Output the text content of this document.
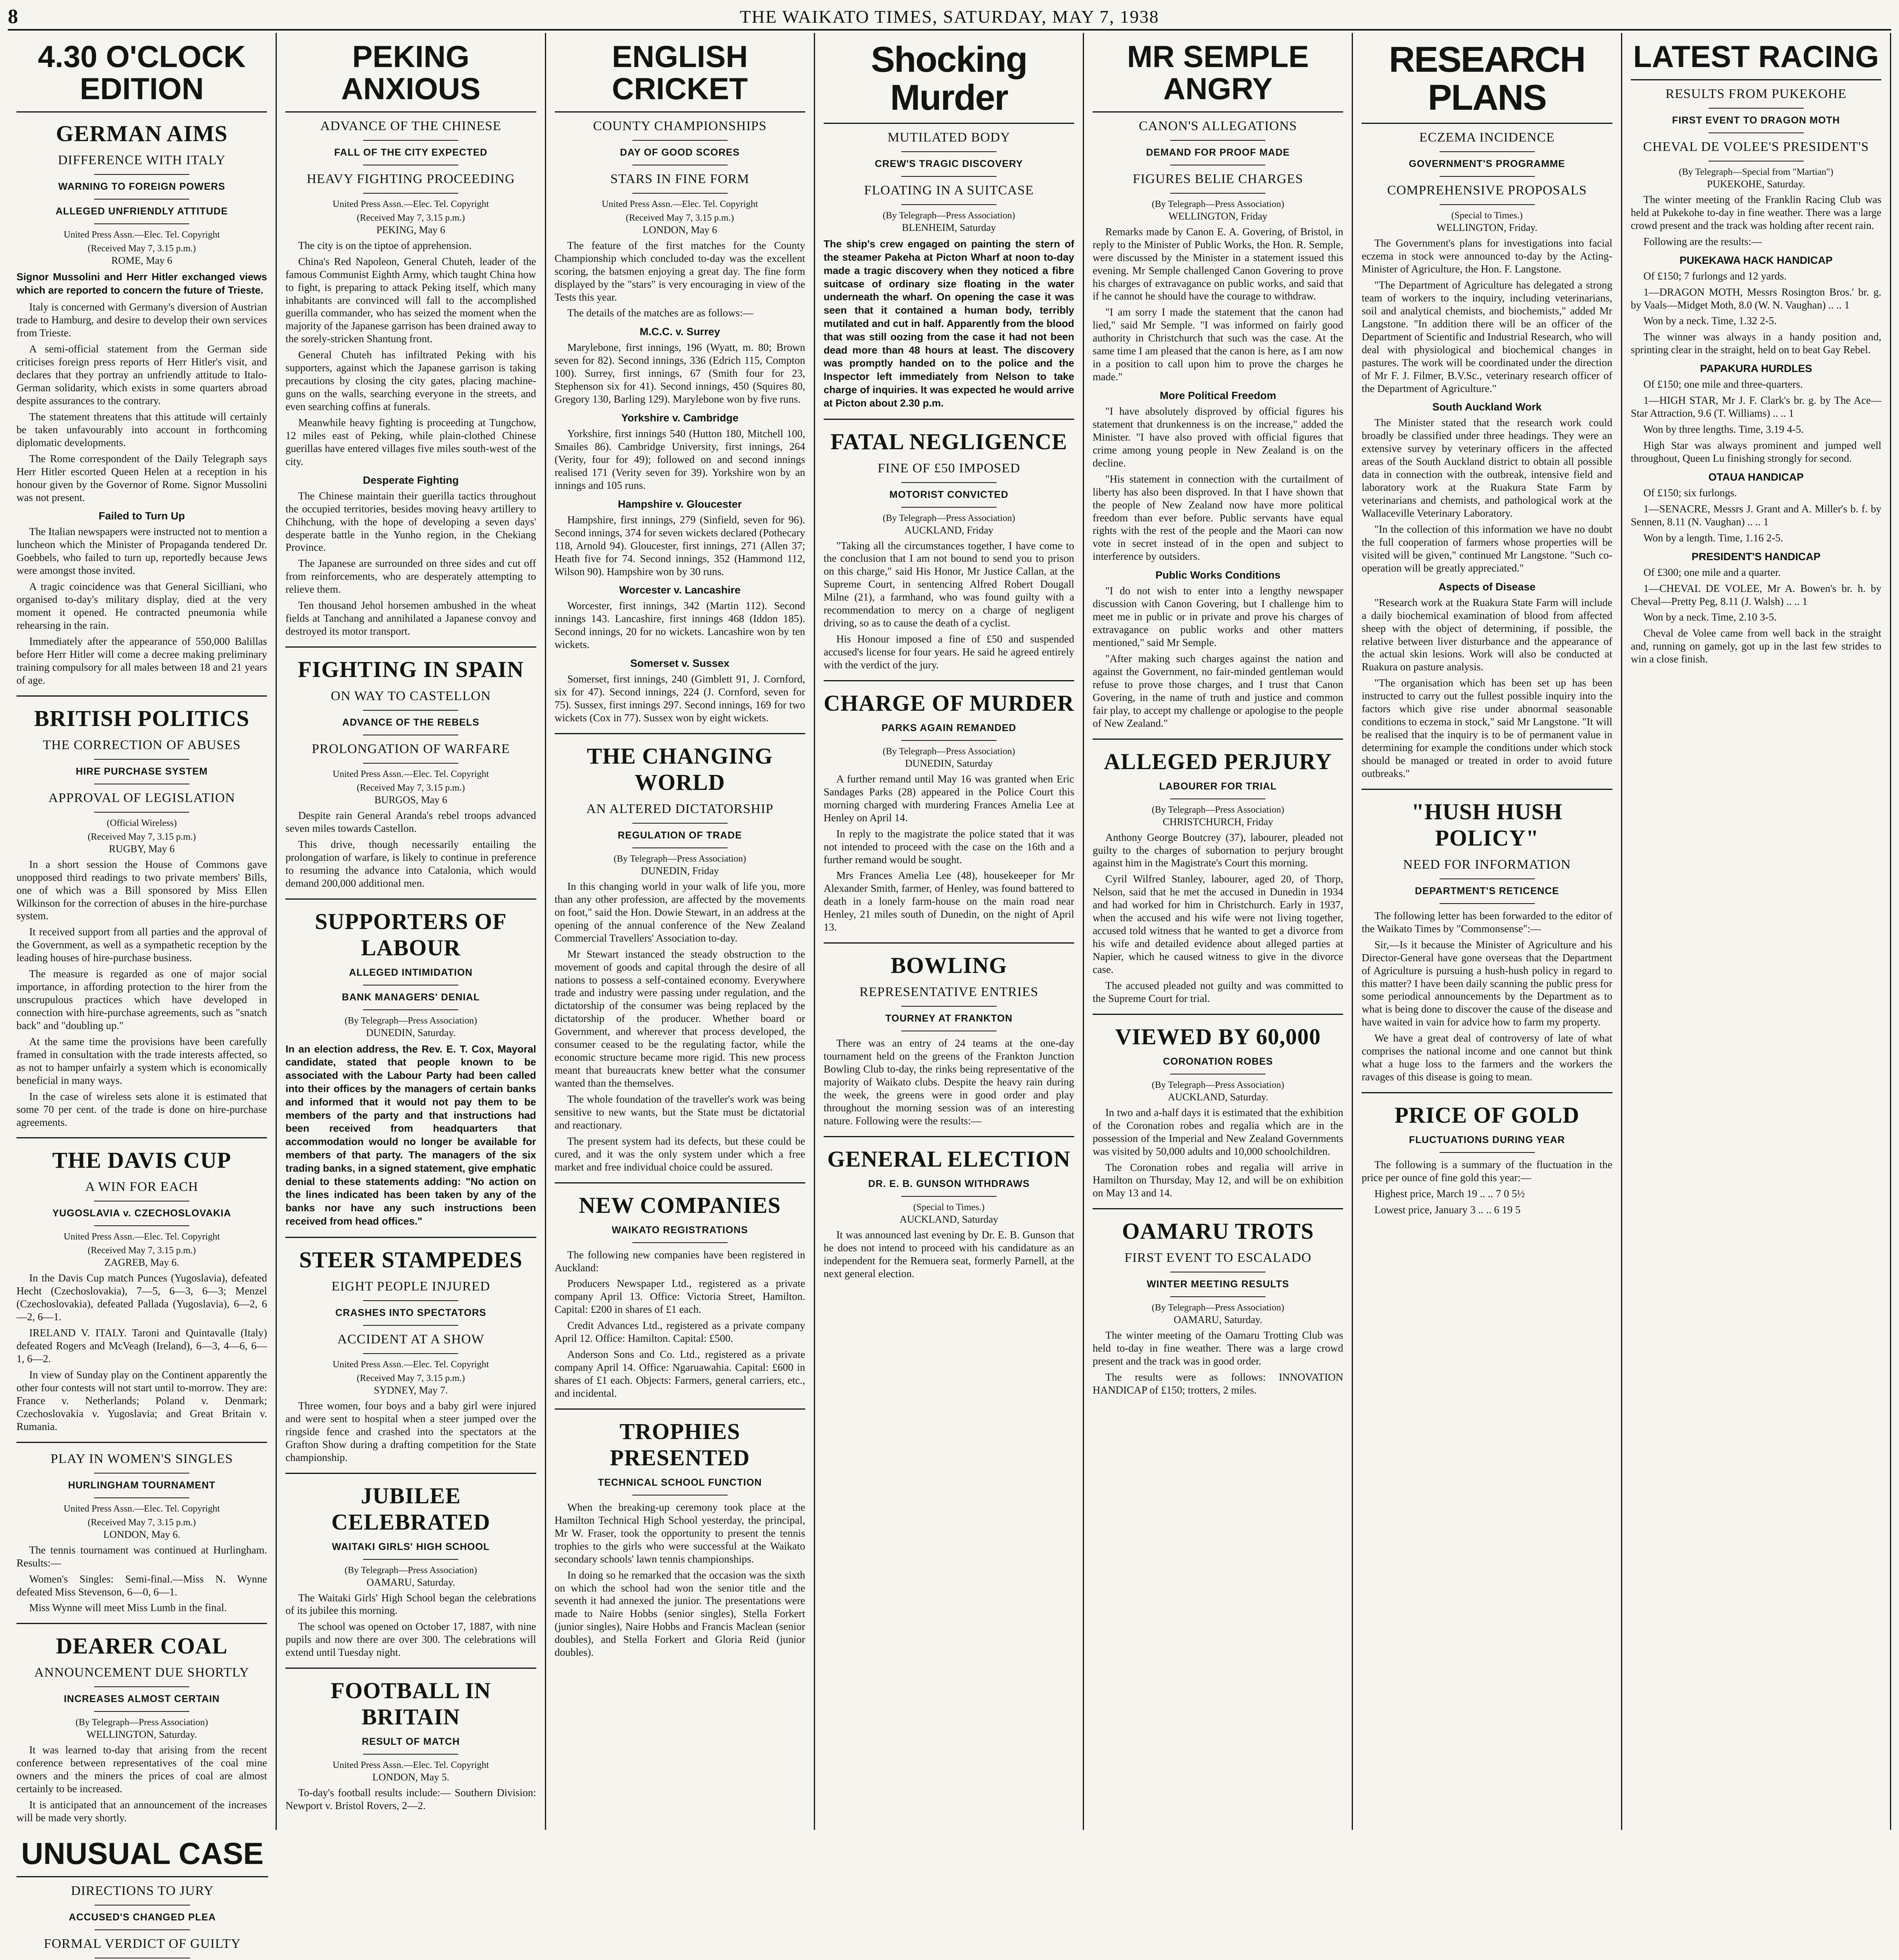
8	THE WAIKATO TIMES, SATURDAY, MAY 7, 1938
4.30 O'CLOCK EDITION
GERMAN AIMS
DIFFERENCE WITH ITALY
WARNING TO FOREIGN POWERS
ALLEGED UNFRIENDLY ATTITUDE
United Press Assn.—Elec. Tel. Copyright
(Received May 7, 3.15 p.m.)
ROME, May 6

Signor Mussolini and Herr Hitler exchanged views which are reported to concern the future of Trieste.

Italy is concerned with Germany's diversion of Austrian trade to Hamburg, and desire to develop their own services from Trieste.

A semi-official statement from the German side criticises foreign press reports of Herr Hitler's visit, and declares that they portray an unfriendly attitude to Italo-German solidarity, which exists in some quarters abroad despite assurances to the contrary.

The statement threatens that this attitude will certainly be taken unfavourably into account in forthcoming diplomatic developments.

The Rome correspondent of the Daily Telegraph says Herr Hitler escorted Queen Helen at a reception in his honour given by the Governor of Rome. Signor Mussolini was not present.

Failed to Turn Up

The Italian newspapers were instructed not to mention a luncheon which the Minister of Propaganda tendered Dr. Goebbels, who failed to turn up, reportedly because Jews were amongst those invited.

A tragic coincidence was that General Sicilliani, who organised to-day's military display, died at the very moment it opened. He contracted pneumonia while rehearsing in the rain.

Immediately after the appearance of 550,000 Balillas before Herr Hitler will come a decree making preliminary training compulsory for all males between 18 and 21 years of age.

BRITISH POLITICS
THE CORRECTION OF ABUSES
HIRE PURCHASE SYSTEM
APPROVAL OF LEGISLATION
(Official Wireless)
(Received May 7, 3.15 p.m.)
RUGBY, May 6

In a short session the House of Commons gave unopposed third readings to two private members' Bills, one of which was a Bill sponsored by Miss Ellen Wilkinson for the correction of abuses in the hire-purchase system.

It received support from all parties and the approval of the Government, as well as a sympathetic reception by the leading houses of hire-purchase business.

The measure is regarded as one of major social importance, in affording protection to the hirer from the unscrupulous practices which have developed in connection with hire-purchase agreements, such as "snatch back" and "doubling up."

At the same time the provisions have been carefully framed in consultation with the trade interests affected, so as not to hamper unfairly a system which is economically beneficial in many ways.

In the case of wireless sets alone it is estimated that some 70 per cent. of the trade is done on hire-purchase agreements.

THE DAVIS CUP
A WIN FOR EACH
YUGOSLAVIA v. CZECHOSLOVAKIA
United Press Assn.—Elec. Tel. Copyright
(Received May 7, 3.15 p.m.)
ZAGREB, May 6.

In the Davis Cup match Punces (Yugoslavia), defeated Hecht (Czechoslovakia), 7—5, 6—3, 6—3; Menzel (Czechoslovakia), defeated Pallada (Yugoslavia), 6—2, 6—2, 6—1.

IRELAND V. ITALY. Taroni and Quintavalle (Italy) defeated Rogers and McVeagh (Ireland), 6—3, 4—6, 6—1, 6—2.

In view of Sunday play on the Continent apparently the other four contests will not start until to-morrow. They are: France v. Netherlands; Poland v. Denmark; Czechoslovakia v. Yugoslavia; and Great Britain v. Rumania.

PLAY IN WOMEN'S SINGLES
HURLINGHAM TOURNAMENT
United Press Assn.—Elec. Tel. Copyright
(Received May 7, 3.15 p.m.)
LONDON, May 6.

The tennis tournament was continued at Hurlingham. Results:—

Women's Singles: Semi-final.—Miss N. Wynne defeated Miss Stevenson, 6—0, 6—1.

Miss Wynne will meet Miss Lumb in the final.

DEARER COAL
ANNOUNCEMENT DUE SHORTLY
INCREASES ALMOST CERTAIN
(By Telegraph—Press Association)
WELLINGTON, Saturday.

It was learned to-day that arising from the recent conference between representatives of the coal mine owners and the miners the prices of coal are almost certainly to be increased.

It is anticipated that an announcement of the increases will be made very shortly.

PEKING ANXIOUS
ADVANCE OF THE CHINESE
FALL OF THE CITY EXPECTED
HEAVY FIGHTING PROCEEDING
United Press Assn.—Elec. Tel. Copyright
(Received May 7, 3.15 p.m.)
PEKING, May 6

The city is on the tiptoe of apprehension.

China's Red Napoleon, General Chuteh, leader of the famous Communist Eighth Army, which taught China how to fight, is preparing to attack Peking itself, which many inhabitants are convinced will fall to the accomplished guerilla commander, who has seized the moment when the majority of the Japanese garrison has been drained away to the sorely-stricken Shantung front.

General Chuteh has infiltrated Peking with his supporters, against which the Japanese garrison is taking precautions by closing the city gates, placing machine-guns on the walls, searching everyone in the streets, and even searching coffins at funerals.

Meanwhile heavy fighting is proceeding at Tungchow, 12 miles east of Peking, while plain-clothed Chinese guerillas have entered villages five miles south-west of the city.

Desperate Fighting

The Chinese maintain their guerilla tactics throughout the occupied territories, besides moving heavy artillery to Chihchung, with the hope of developing a seven days' desperate battle in the Yunho region, in the Chekiang Province.

The Japanese are surrounded on three sides and cut off from reinforcements, who are desperately attempting to relieve them.

Ten thousand Jehol horsemen ambushed in the wheat fields at Tanchang and annihilated a Japanese convoy and destroyed its motor transport.

FIGHTING IN SPAIN
ON WAY TO CASTELLON
ADVANCE OF THE REBELS
PROLONGATION OF WARFARE
United Press Assn.—Elec. Tel. Copyright
(Received May 7, 3.15 p.m.)
BURGOS, May 6

Despite rain General Aranda's rebel troops advanced seven miles towards Castellon.

This drive, though necessarily entailing the prolongation of warfare, is likely to continue in preference to resuming the advance into Catalonia, which would demand 200,000 additional men.

SUPPORTERS OF LABOUR
ALLEGED INTIMIDATION
BANK MANAGERS' DENIAL
(By Telegraph—Press Association)
DUNEDIN, Saturday.

In an election address, the Rev. E. T. Cox, Mayoral candidate, stated that people known to be associated with the Labour Party had been called into their offices by the managers of certain banks and informed that it would not pay them to be members of the party and that instructions had been received from headquarters that accommodation would no longer be available for members of that party. The managers of the six trading banks, in a signed statement, give emphatic denial to these statements adding: "No action on the lines indicated has been taken by any of the banks nor have any such instructions been received from head offices."

STEER STAMPEDES
EIGHT PEOPLE INJURED
CRASHES INTO SPECTATORS
ACCIDENT AT A SHOW
United Press Assn.—Elec. Tel. Copyright
(Received May 7, 3.15 p.m.)
SYDNEY, May 7.

Three women, four boys and a baby girl were injured and were sent to hospital when a steer jumped over the ringside fence and crashed into the spectators at the Grafton Show during a drafting competition for the State championship.

JUBILEE CELEBRATED
WAITAKI GIRLS' HIGH SCHOOL
(By Telegraph—Press Association)
OAMARU, Saturday.

The Waitaki Girls' High School began the celebrations of its jubilee this morning.

The school was opened on October 17, 1887, with nine pupils and now there are over 300. The celebrations will extend until Tuesday night.

FOOTBALL IN BRITAIN
RESULT OF MATCH
United Press Assn.—Elec. Tel. Copyright
LONDON, May 5.

To-day's football results include:— Southern Division: Newport v. Bristol Rovers, 2—2.

ENGLISH CRICKET
COUNTY CHAMPIONSHIPS
DAY OF GOOD SCORES
STARS IN FINE FORM
United Press Assn.—Elec. Tel. Copyright
(Received May 7, 3.15 p.m.)
LONDON, May 6

The feature of the first matches for the County Championship which concluded to-day was the excellent scoring, the batsmen enjoying a great day. The fine form displayed by the "stars" is very encouraging in view of the Tests this year.

The details of the matches are as follows:—

M.C.C. v. Surrey

Marylebone, first innings, 196 (Wyatt, m. 80; Brown seven for 82). Second innings, 336 (Edrich 115, Compton 100). Surrey, first innings, 67 (Smith four for 23, Stephenson six for 41). Second innings, 450 (Squires 80, Gregory 130, Barling 129). Marylebone won by five runs.

Yorkshire v. Cambridge

Yorkshire, first innings 540 (Hutton 180, Mitchell 100, Smailes 86). Cambridge University, first innings, 264 (Verity, four for 49); followed on and second innings realised 171 (Verity seven for 39). Yorkshire won by an innings and 105 runs.

Hampshire v. Gloucester

Hampshire, first innings, 279 (Sinfield, seven for 96). Second innings, 374 for seven wickets declared (Pothecary 118, Arnold 94). Gloucester, first innings, 271 (Allen 37; Heath five for 74. Second innings, 352 (Hammond 112, Wilson 90). Hampshire won by 30 runs.

Worcester v. Lancashire

Worcester, first innings, 342 (Martin 112). Second innings 143. Lancashire, first innings 468 (Iddon 185). Second innings, 20 for no wickets. Lancashire won by ten wickets.

Somerset v. Sussex

Somerset, first innings, 240 (Gimblett 91, J. Cornford, six for 47). Second innings, 224 (J. Cornford, seven for 75). Sussex, first innings 297. Second innings, 169 for two wickets (Cox in 77). Sussex won by eight wickets.

THE CHANGING WORLD
AN ALTERED DICTATORSHIP
REGULATION OF TRADE
(By Telegraph—Press Association)
DUNEDIN, Friday

In this changing world in your walk of life you, more than any other profession, are affected by the movements on foot," said the Hon. Dowie Stewart, in an address at the opening of the annual conference of the New Zealand Commercial Travellers' Association to-day.

Mr Stewart instanced the steady obstruction to the movement of goods and capital through the desire of all nations to possess a self-contained economy. Everywhere trade and industry were passing under regulation, and the dictatorship of the consumer was being replaced by the dictatorship of the producer. Whether board or Government, and wherever that process developed, the consumer ceased to be the regulating factor, while the economic structure became more rigid. This new process meant that bureaucrats knew better what the consumer wanted than the themselves.

The whole foundation of the traveller's work was being sensitive to new wants, but the State must be dictatorial and reactionary.

The present system had its defects, but these could be cured, and it was the only system under which a free market and free individual choice could be assured.

NEW COMPANIES
WAIKATO REGISTRATIONS

The following new companies have been registered in Auckland:

Producers Newspaper Ltd., registered as a private company April 13. Office: Victoria Street, Hamilton. Capital: £200 in shares of £1 each.

Credit Advances Ltd., registered as a private company April 12. Office: Hamilton. Capital: £500.

Anderson Sons and Co. Ltd., registered as a private company April 14. Office: Ngaruawahia. Capital: £600 in shares of £1 each. Objects: Farmers, general carriers, etc., and incidental.

TROPHIES PRESENTED
TECHNICAL SCHOOL FUNCTION

When the breaking-up ceremony took place at the Hamilton Technical High School yesterday, the principal, Mr W. Fraser, took the opportunity to present the tennis trophies to the girls who were successful at the Waikato secondary schools' lawn tennis championships.

In doing so he remarked that the occasion was the sixth on which the school had won the senior title and the seventh it had annexed the junior. The presentations were made to Naire Hobbs (senior singles), Stella Forkert (junior singles), Naire Hobbs and Francis Maclean (senior doubles), and Stella Forkert and Gloria Reid (junior doubles).

Shocking Murder
MUTILATED BODY
CREW'S TRAGIC DISCOVERY
FLOATING IN A SUITCASE
(By Telegraph—Press Association)
BLENHEIM, Saturday

The ship's crew engaged on painting the stern of the steamer Pakeha at Picton Wharf at noon to-day made a tragic discovery when they noticed a fibre suitcase of ordinary size floating in the water underneath the wharf. On opening the case it was seen that it contained a human body, terribly mutilated and cut in half. Apparently from the blood that was still oozing from the case it had not been dead more than 48 hours at least. The discovery was promptly handed on to the police and the Inspector left immediately from Nelson to take charge of inquiries. It was expected he would arrive at Picton about 2.30 p.m.

FATAL NEGLIGENCE
FINE OF £50 IMPOSED
MOTORIST CONVICTED
(By Telegraph—Press Association)
AUCKLAND, Friday

"Taking all the circumstances together, I have come to the conclusion that I am not bound to send you to prison on this charge," said His Honor, Mr Justice Callan, at the Supreme Court, in sentencing Alfred Robert Dougall Milne (21), a farmhand, who was found guilty with a recommendation to mercy on a charge of negligent driving, so as to cause the death of a cyclist.

His Honour imposed a fine of £50 and suspended accused's license for four years. He said he agreed entirely with the verdict of the jury.

CHARGE OF MURDER
PARKS AGAIN REMANDED
(By Telegraph—Press Association)
DUNEDIN, Saturday

A further remand until May 16 was granted when Eric Sandages Parks (28) appeared in the Police Court this morning charged with murdering Frances Amelia Lee at Henley on April 14.

In reply to the magistrate the police stated that it was not intended to proceed with the case on the 16th and a further remand would be sought.

Mrs Frances Amelia Lee (48), housekeeper for Mr Alexander Smith, farmer, of Henley, was found battered to death in a lonely farm-house on the main road near Henley, 21 miles south of Dunedin, on the night of April 13.

BOWLING
REPRESENTATIVE ENTRIES
TOURNEY AT FRANKTON

There was an entry of 24 teams at the one-day tournament held on the greens of the Frankton Junction Bowling Club to-day, the rinks being representative of the majority of Waikato clubs. Despite the heavy rain during the week, the greens were in good order and play throughout the morning session was of an interesting nature. Following were the results:—

GENERAL ELECTION
DR. E. B. GUNSON WITHDRAWS
(Special to Times.)
AUCKLAND, Saturday

It was announced last evening by Dr. E. B. Gunson that he does not intend to proceed with his candidature as an independent for the Remuera seat, formerly Parnell, at the next general election.

MR SEMPLE ANGRY
CANON'S ALLEGATIONS
DEMAND FOR PROOF MADE
FIGURES BELIE CHARGES
(By Telegraph—Press Association)
WELLINGTON, Friday

Remarks made by Canon E. A. Govering, of Bristol, in reply to the Minister of Public Works, the Hon. R. Semple, were discussed by the Minister in a statement issued this evening. Mr Semple challenged Canon Govering to prove his charges of extravagance on public works, and said that if he cannot he should have the courage to withdraw.

"I am sorry I made the statement that the canon had lied," said Mr Semple. "I was informed on fairly good authority in Christchurch that such was the case. At the same time I am pleased that the canon is here, as I am now in a position to call upon him to prove the charges he made."

More Political Freedom

"I have absolutely disproved by official figures his statement that drunkenness is on the increase," added the Minister. "I have also proved with official figures that crime among young people in New Zealand is on the decline.

"His statement in connection with the curtailment of liberty has also been disproved. In that I have shown that the people of New Zealand now have more political freedom than ever before. Public servants have equal rights with the rest of the people and the Maori can now vote in secret instead of in the open and subject to interference by outsiders.

Public Works Conditions

"I do not wish to enter into a lengthy newspaper discussion with Canon Govering, but I challenge him to meet me in public or in private and prove his charges of extravagance on public works and other matters mentioned," said Mr Semple.

"After making such charges against the nation and against the Government, no fair-minded gentleman would refuse to prove those charges, and I trust that Canon Govering, in the name of truth and justice and common fair play, to accept my challenge or apologise to the people of New Zealand."

ALLEGED PERJURY
LABOURER FOR TRIAL
(By Telegraph—Press Association)
CHRISTCHURCH, Friday

Anthony George Boutcrey (37), labourer, pleaded not guilty to the charges of subornation to perjury brought against him in the Magistrate's Court this morning.

Cyril Wilfred Stanley, labourer, aged 20, of Thorp, Nelson, said that he met the accused in Dunedin in 1934 and had worked for him in Christchurch. Early in 1937, when the accused and his wife were not living together, accused told witness that he wanted to get a divorce from his wife and detailed evidence about alleged parties at Napier, which he caused witness to give in the divorce case.

The accused pleaded not guilty and was committed to the Supreme Court for trial.

VIEWED BY 60,000
CORONATION ROBES
(By Telegraph—Press Association)
AUCKLAND, Saturday.

In two and a-half days it is estimated that the exhibition of the Coronation robes and regalia which are in the possession of the Imperial and New Zealand Governments was visited by 50,000 adults and 10,000 schoolchildren.

The Coronation robes and regalia will arrive in Hamilton on Thursday, May 12, and will be on exhibition on May 13 and 14.

OAMARU TROTS
FIRST EVENT TO ESCALADO
WINTER MEETING RESULTS
(By Telegraph—Press Association)
OAMARU, Saturday.

The winter meeting of the Oamaru Trotting Club was held to-day in fine weather. There was a large crowd present and the track was in good order.

The results were as follows: INNOVATION HANDICAP of £150; trotters, 2 miles.

RESEARCH PLANS
ECZEMA INCIDENCE
GOVERNMENT'S PROGRAMME
COMPREHENSIVE PROPOSALS
(Special to Times.)
WELLINGTON, Friday.

The Government's plans for investigations into facial eczema in stock were announced to-day by the Acting-Minister of Agriculture, the Hon. F. Langstone.

"The Department of Agriculture has delegated a strong team of workers to the inquiry, including veterinarians, soil and analytical chemists, and biochemists," added Mr Langstone. "In addition there will be an officer of the Department of Scientific and Industrial Research, who will deal with physiological and biochemical changes in pastures. The work will be coordinated under the direction of Mr F. J. Filmer, B.V.Sc., veterinary research officer of the Department of Agriculture."

South Auckland Work

The Minister stated that the research work could broadly be classified under three headings. They were an extensive survey by veterinary officers in the affected areas of the South Auckland district to obtain all possible data in connection with the outbreak, intensive field and laboratory work at the Ruakura State Farm by veterinarians and chemists, and pathological work at the Wallaceville Veterinary Laboratory.

"In the collection of this information we have no doubt the full cooperation of farmers whose properties will be visited will be given," continued Mr Langstone. "Such co-operation will be greatly appreciated."

Aspects of Disease

"Research work at the Ruakura State Farm will include a daily biochemical examination of blood from affected sheep with the object of determining, if possible, the relative between liver disturbance and the appearance of the actual skin lesions. Work will also be conducted at Ruakura on pasture analysis.

"The organisation which has been set up has been instructed to carry out the fullest possible inquiry into the factors which give rise under abnormal seasonable conditions to eczema in stock," said Mr Langstone. "It will be realised that the inquiry is to be of permanent value in determining for example the conditions under which stock should be managed or treated in order to avoid future outbreaks."

"HUSH HUSH POLICY"
NEED FOR INFORMATION
DEPARTMENT'S RETICENCE

The following letter has been forwarded to the editor of the Waikato Times by "Commonsense":—

Sir,—Is it because the Minister of Agriculture and his Director-General have gone overseas that the Department of Agriculture is pursuing a hush-hush policy in regard to this matter? I have been daily scanning the public press for some periodical announcements by the Department as to what is being done to discover the cause of the disease and have waited in vain for advice how to farm my property.

We have a great deal of controversy of late of what comprises the national income and one cannot but think what a huge loss to the farmers and the workers the ravages of this disease is going to mean.

PRICE OF GOLD
FLUCTUATIONS DURING YEAR

The following is a summary of the fluctuation in the price per ounce of fine gold this year:—

Highest price, March 19 .. .. 7 0 5½

Lowest price, January 3 .. .. 6 19 5

LATEST RACING
RESULTS FROM PUKEKOHE
FIRST EVENT TO DRAGON MOTH
CHEVAL DE VOLEE'S PRESIDENT'S
(By Telegraph—Special from "Martian")
PUKEKOHE, Saturday.

The winter meeting of the Franklin Racing Club was held at Pukekohe to-day in fine weather. There was a large crowd present and the track was holding after recent rain.

Following are the results:—

PUKEKAWA HACK HANDICAP

Of £150; 7 furlongs and 12 yards.

1—DRAGON MOTH, Messrs Rosington Bros.' br. g. by Vaals—Midget Moth, 8.0 (W. N. Vaughan) .. .. 1

Won by a neck. Time, 1.32 2-5.

The winner was always in a handy position and, sprinting clear in the straight, held on to beat Gay Rebel.

PAPAKURA HURDLES

Of £150; one mile and three-quarters.

1—HIGH STAR, Mr J. F. Clark's br. g. by The Ace—Star Attraction, 9.6 (T. Williams) .. .. 1

Won by three lengths. Time, 3.19 4-5.

High Star was always prominent and jumped well throughout, Queen Lu finishing strongly for second.

OTAUA HANDICAP

Of £150; six furlongs.

1—SENACRE, Messrs J. Grant and A. Miller's b. f. by Sennen, 8.11 (N. Vaughan) .. .. 1

Won by a length. Time, 1.16 2-5.

PRESIDENT'S HANDICAP

Of £300; one mile and a quarter.

1—CHEVAL DE VOLEE, Mr A. Bowen's br. h. by Cheval—Pretty Peg, 8.11 (J. Walsh) .. .. 1

Won by a neck. Time, 2.10 3-5.

Cheval de Volee came from well back in the straight and, running on gamely, got up in the last few strides to win a close finish.

UNUSUAL CASE
DIRECTIONS TO JURY
ACCUSED'S CHANGED PLEA
FORMAL VERDICT OF GUILTY
